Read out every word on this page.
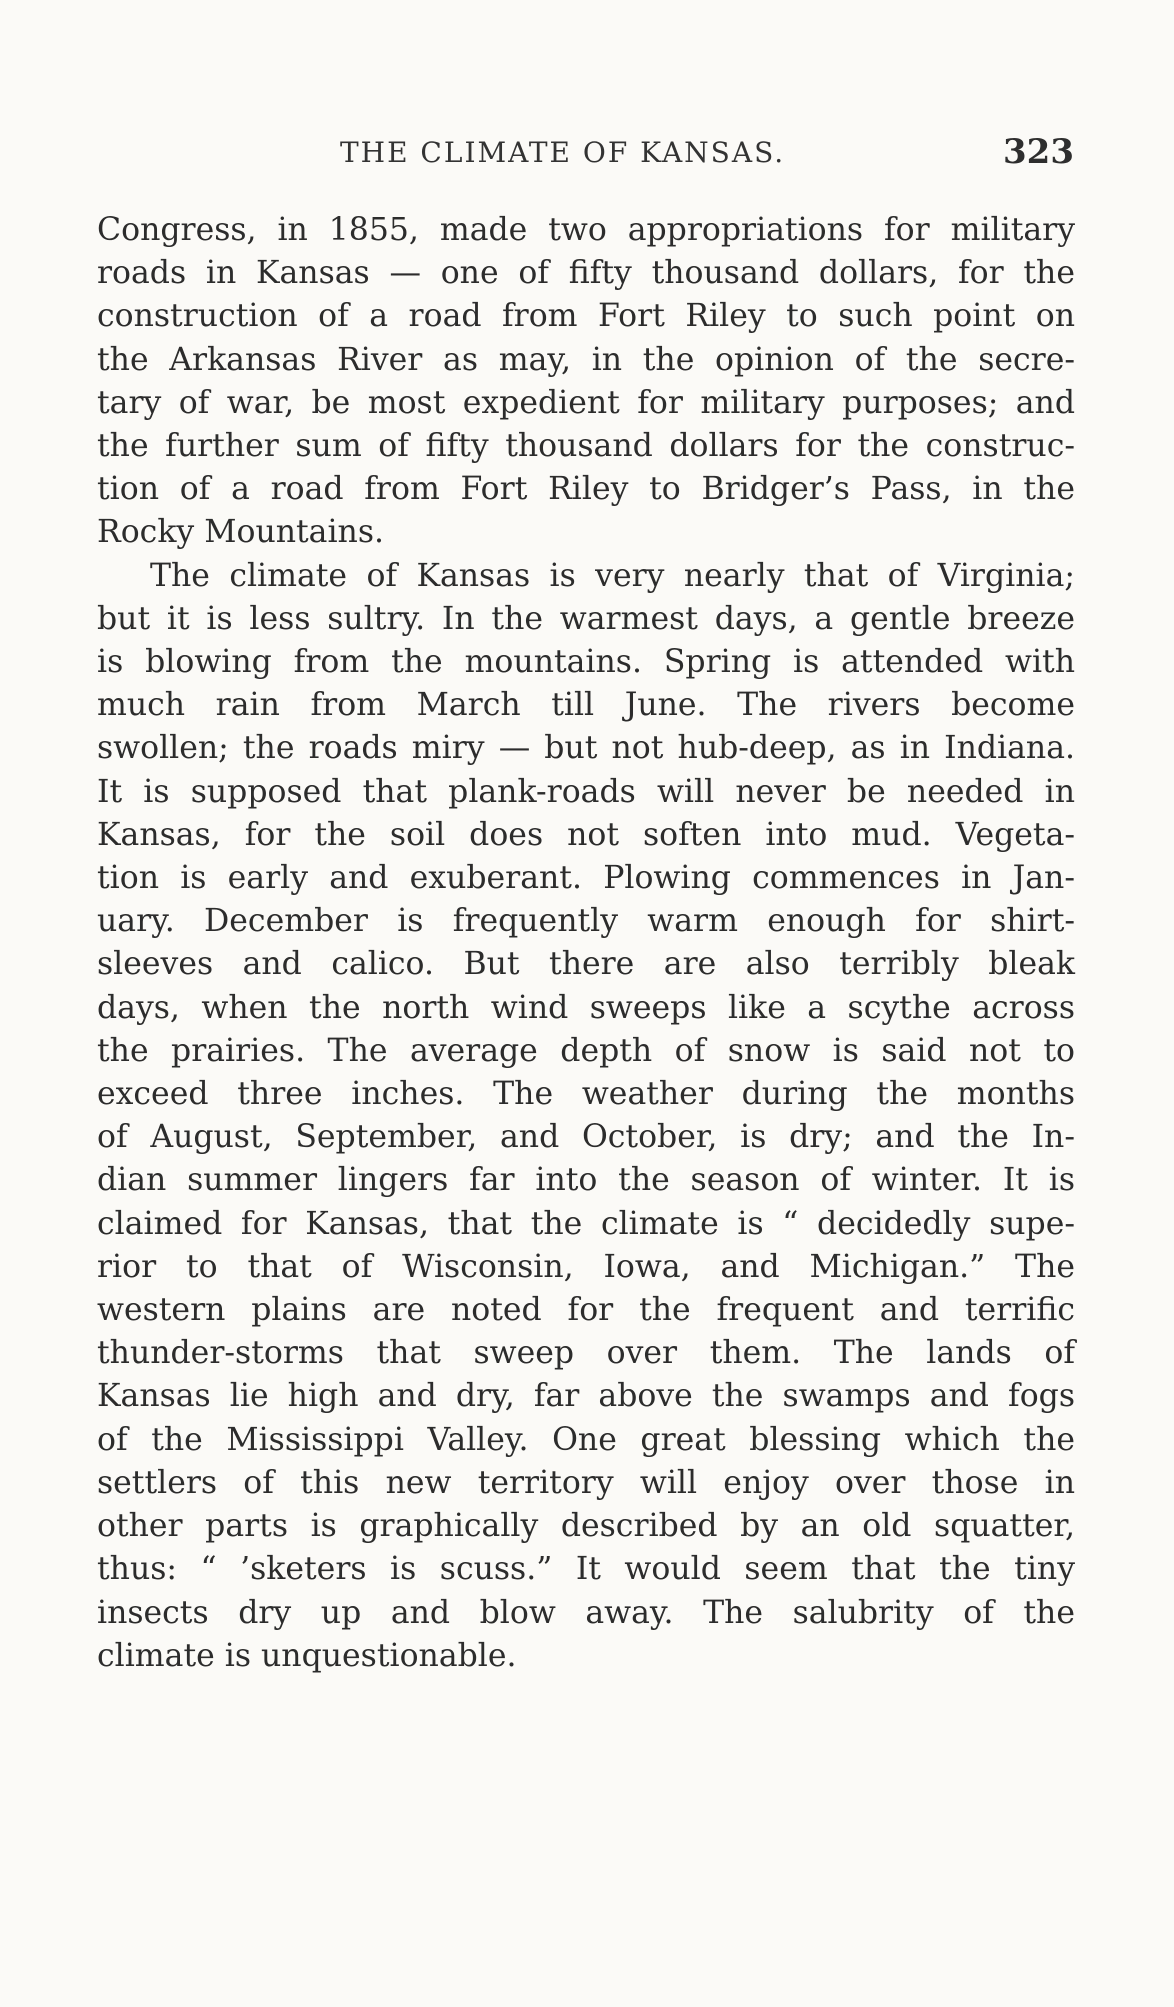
THE CLIMATE OF KANSAS.	323
Congress, in 1855, made two appropriations for military
roads in Kansas — one of fifty thousand dollars, for the
construction of a road from Fort Riley to such point on
the Arkansas River as may, in the opinion of the secre-
tary of war, be most expedient for military purposes; and
the further sum of fifty thousand dollars for the construc-
tion of a road from Fort Riley to Bridger’s Pass, in the
Rocky Mountains.
The climate of Kansas is very nearly that of Virginia;
but it is less sultry. In the warmest days, a gentle breeze
is blowing from the mountains. Spring is attended with
much rain from March till June. The rivers become
swollen; the roads miry — but not hub-deep, as in Indiana.
It is supposed that plank-roads will never be needed in
Kansas, for the soil does not soften into mud. Vegeta-
tion is early and exuberant. Plowing commences in Jan-
uary. December is frequently warm enough for shirt-
sleeves and calico. But there are also terribly bleak
days, when the north wind sweeps like a scythe across
the prairies. The average depth of snow is said not to
exceed three inches. The weather during the months
of August, September, and October, is dry; and the In-
dian summer lingers far into the season of winter. It is
claimed for Kansas, that the climate is “ decidedly supe-
rior to that of Wisconsin, Iowa, and Michigan.” The
western plains are noted for the frequent and terrific
thunder-storms that sweep over them. The lands of
Kansas lie high and dry, far above the swamps and fogs
of the Mississippi Valley. One great blessing which the
settlers of this new territory will enjoy over those in
other parts is graphically described by an old squatter,
thus: “ ’sketers is scuss.” It would seem that the tiny
insects dry up and blow away. The salubrity of the
climate is unquestionable.
